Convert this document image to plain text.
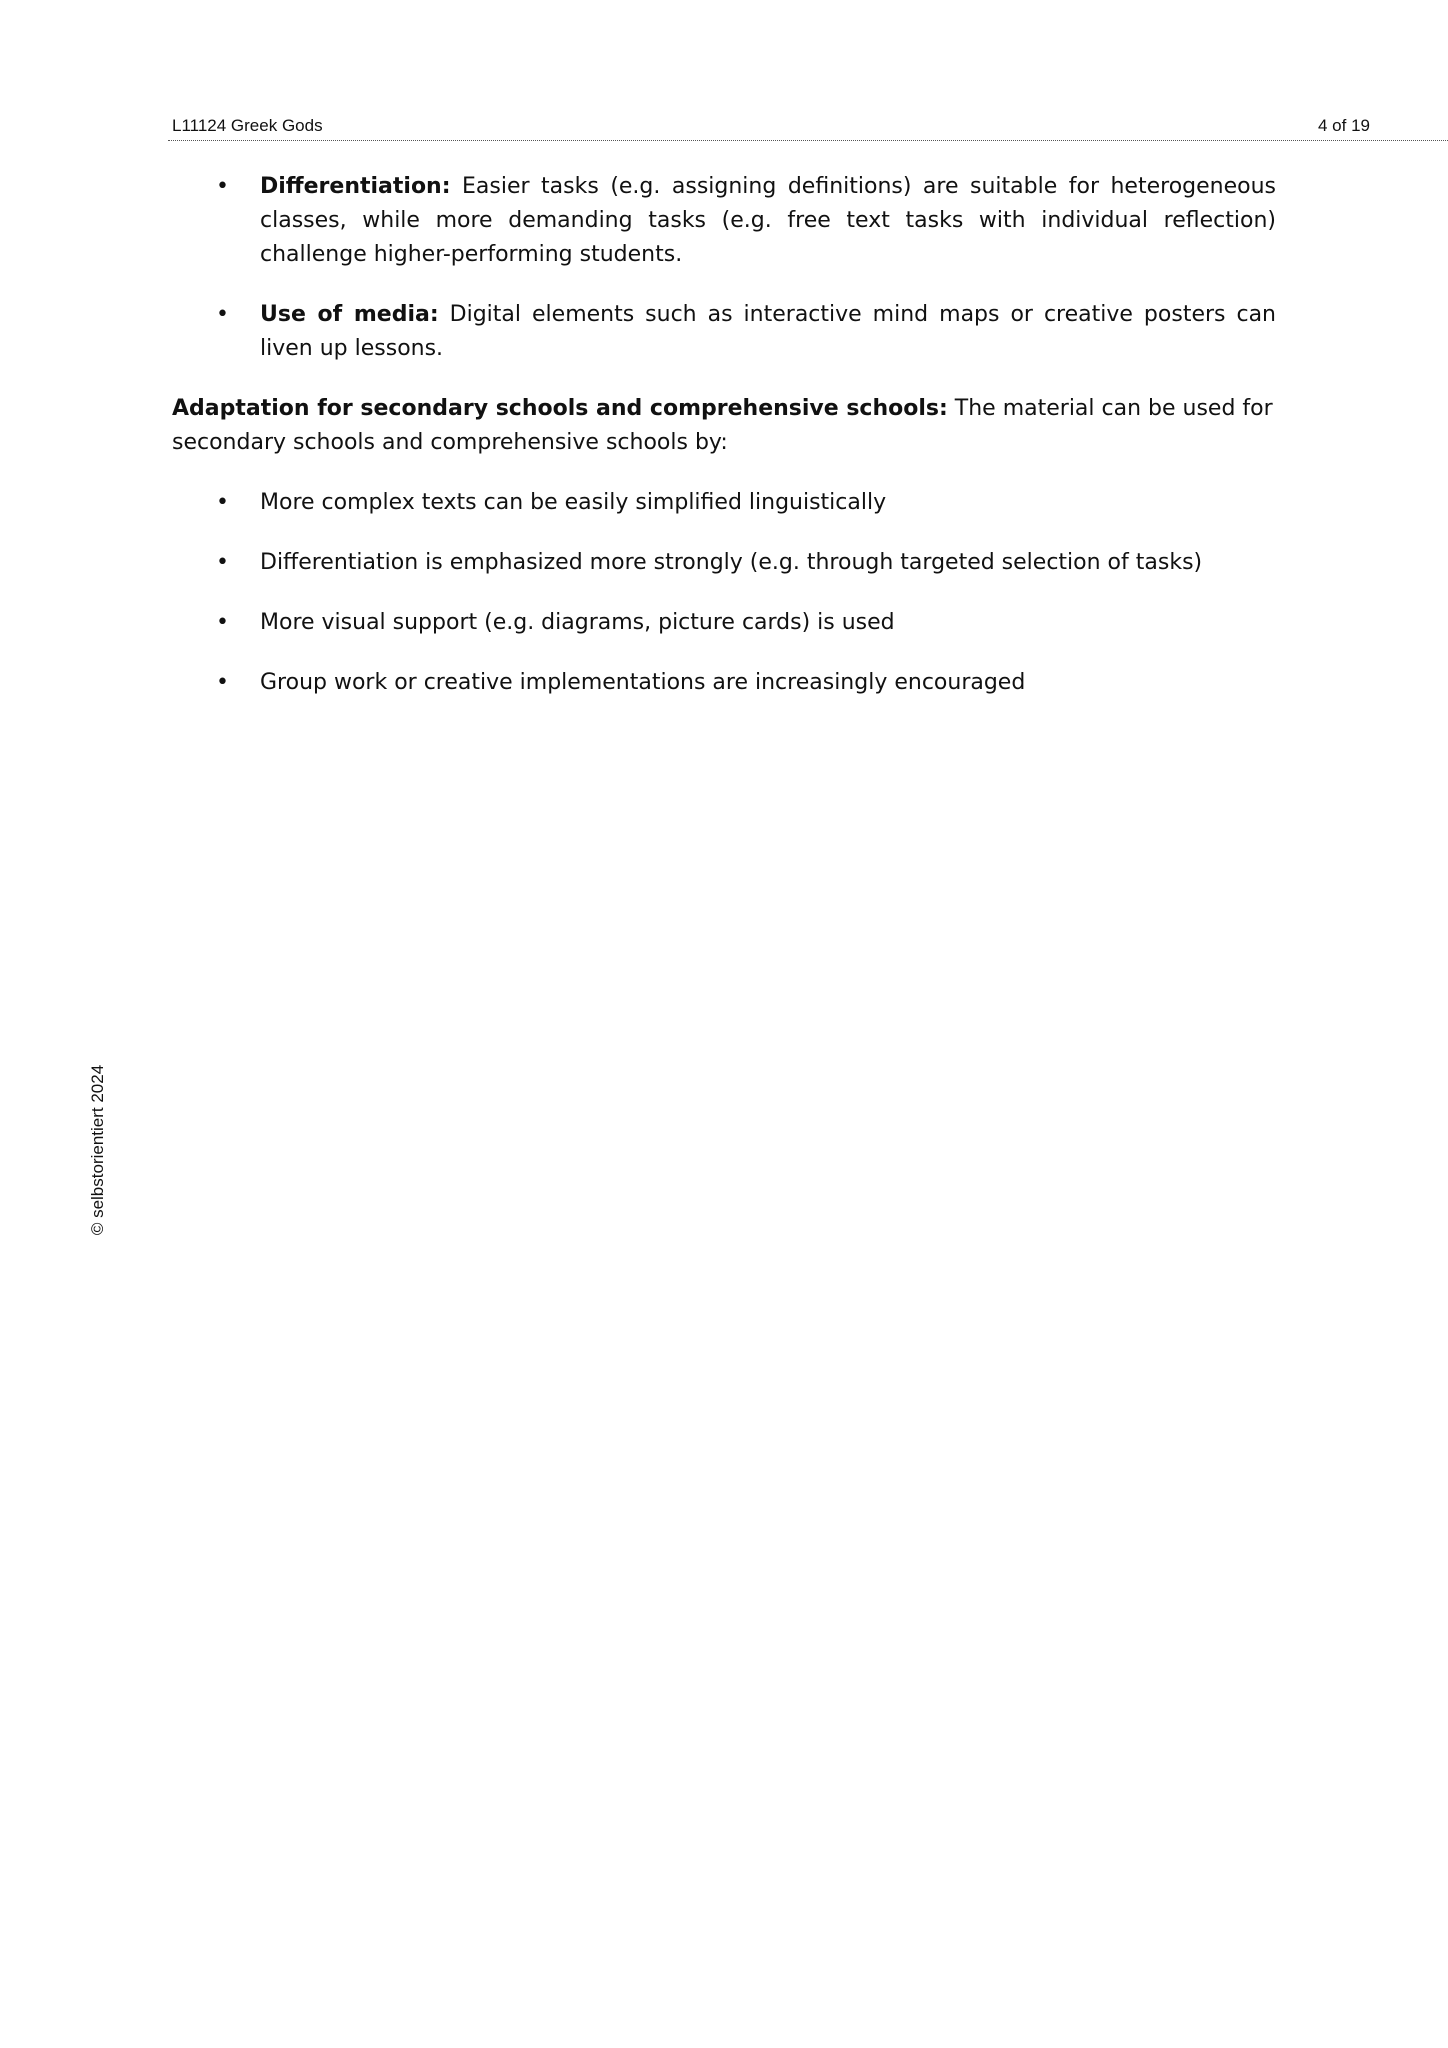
L11124 Greek Gods	4 of 19
• Differentiation: Easier tasks (e.g. assigning definitions) are suitable for heterogeneous classes, while more demanding tasks (e.g. free text tasks with individual reflection) challenge higher-performing students.
• Use of media: Digital elements such as interactive mind maps or creative posters can liven up lessons.

Adaptation for secondary schools and comprehensive schools: The material can be used for secondary schools and comprehensive schools by:

• More complex texts can be easily simplified linguistically
• Differentiation is emphasized more strongly (e.g. through targeted selection of tasks)
• More visual support (e.g. diagrams, picture cards) is used
• Group work or creative implementations are increasingly encouraged
© selbstorientiert 2024
